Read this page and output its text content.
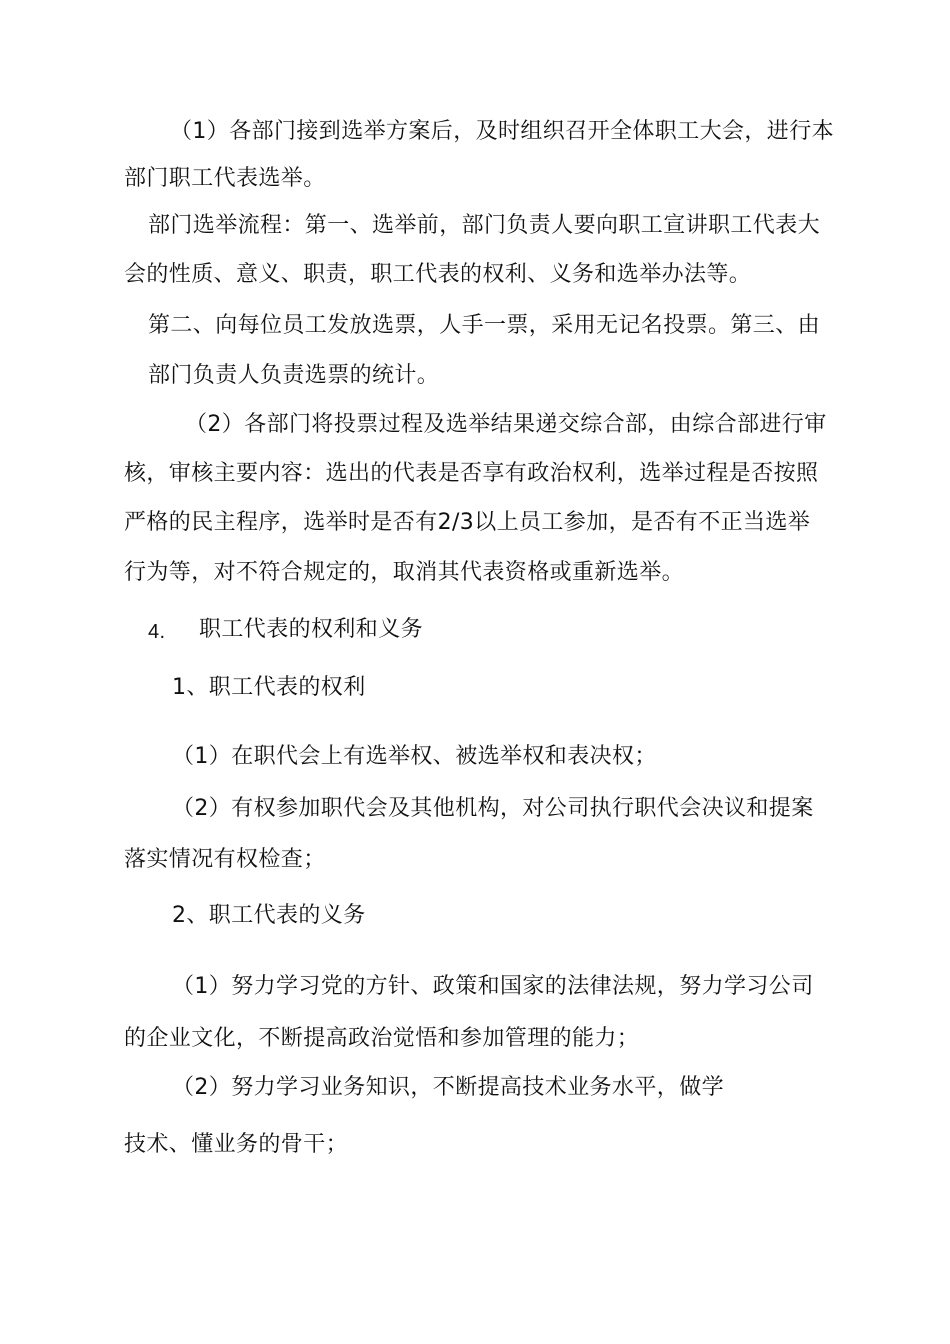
（1）各部门接到选举方案后，及时组织召开全体职工大会，进行本
部门职工代表选举。
部门选举流程：第一、选举前，部门负责人要向职工宣讲职工代表大
会的性质、意义、职责，职工代表的权利、义务和选举办法等。
第二、向每位员工发放选票，人手一票，采用无记名投票。第三、由
部门负责人负责选票的统计。
（2）各部门将投票过程及选举结果递交综合部，由综合部进行审
核，审核主要内容：选出的代表是否享有政治权利，选举过程是否按照
严格的民主程序，选举时是否有2/3以上员工参加，是否有不正当选举
行为等，对不符合规定的，取消其代表资格或重新选举。
4. 职工代表的权利和义务
1、职工代表的权利
（1）在职代会上有选举权、被选举权和表决权；
（2）有权参加职代会及其他机构，对公司执行职代会决议和提案
落实情况有权检查；
2、职工代表的义务
（1）努力学习党的方针、政策和国家的法律法规，努力学习公司
的企业文化，不断提高政治觉悟和参加管理的能力；
（2）努力学习业务知识，不断提高技术业务水平，做学
技术、懂业务的骨干；
